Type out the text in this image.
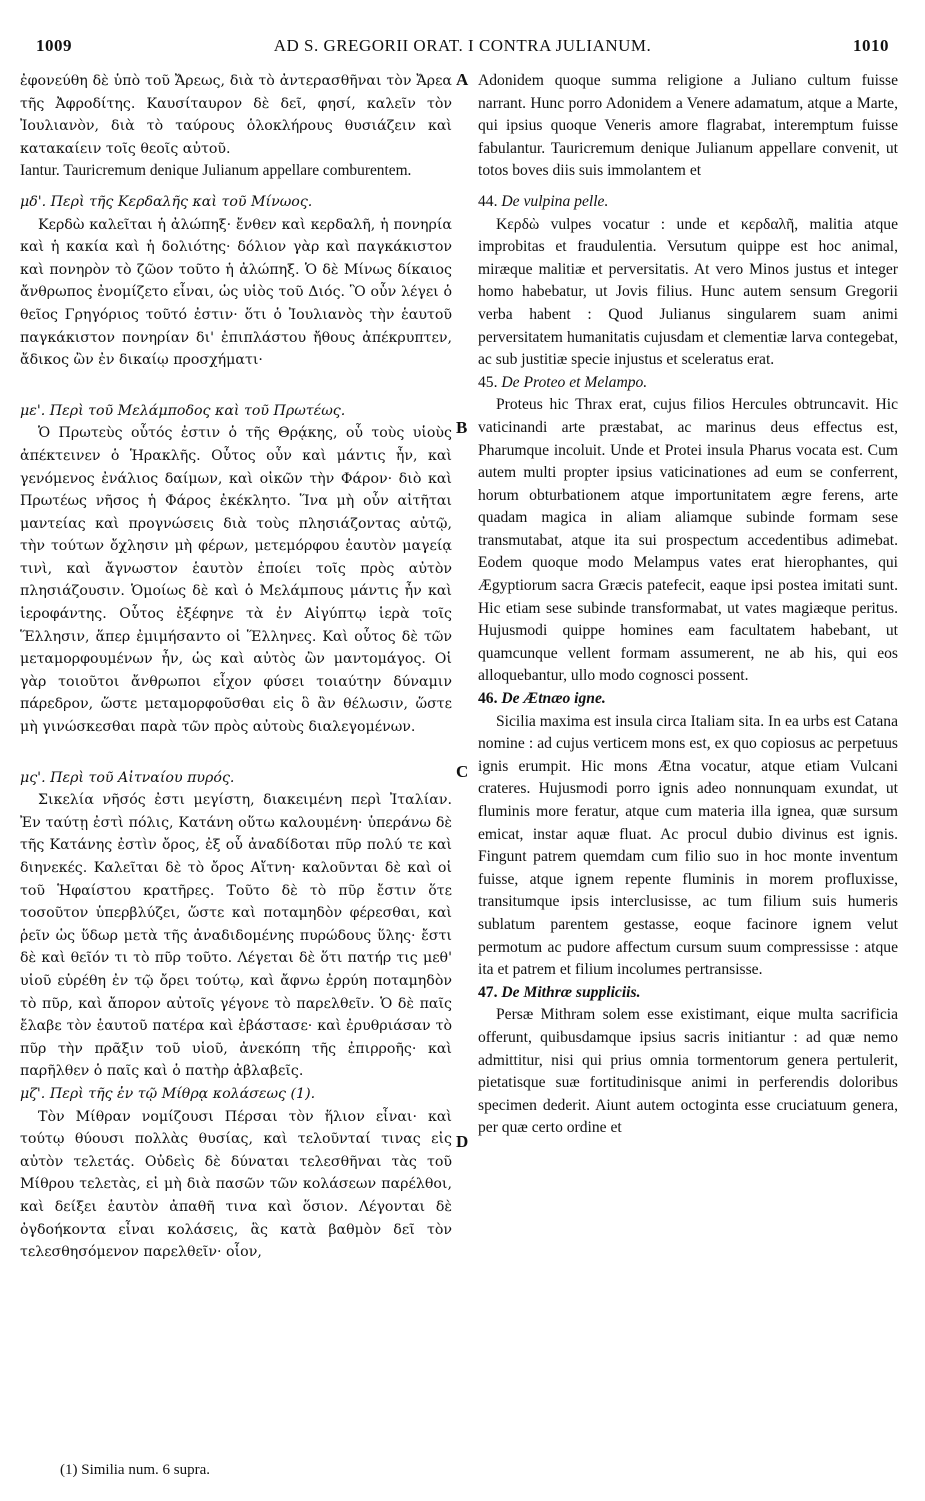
1009	AD S. GREGORII ORAT. I CONTRA JULIANUM.	1010

ἐφονεύθη δὲ ὑπὸ τοῦ Ἄρεως, διὰ τὸ ἀντερασθῆναι τὸν Ἄρεα τῆς Ἀφροδίτης. Καυσίταυρον δὲ δεῖ, φησί, καλεῖν τὸν Ἰουλιανὸν, διὰ τὸ ταύρους ὁλοκλήρους θυσιάζειν καὶ κατακαίειν τοῖς θεοῖς αὐτοῦ.

Iantur. Tauricremum denique Julianum appellare comburentem.

μδ'. Περὶ τῆς Κερδαλῆς καὶ τοῦ Μίνωος.

Κερδὼ καλεῖται ἡ ἀλώπηξ· ἔνθεν καὶ κερδαλῆ, ἡ πονηρία καὶ ἡ κακία καὶ ἡ δολιότης· δόλιον γὰρ καὶ παγκάκιστον καὶ πονηρὸν τὸ ζῶον τοῦτο ἡ ἀλώπηξ. Ὁ δὲ Μίνως δίκαιος ἄνθρωπος ἐνομίζετο εἶναι, ὡς υἱὸς τοῦ Διός. Ὃ οὖν λέγει ὁ θεῖος Γρηγόριος τοῦτό ἐστιν· ὅτι ὁ Ἰουλιανὸς τὴν ἑαυτοῦ παγκάκιστον πονηρίαν δι' ἐπιπλάστου ἤθους ἀπέκρυπτεν, ἄδικος ὢν ἐν δικαίῳ προσχήματι·

με'. Περὶ τοῦ Μελάμποδος καὶ τοῦ Πρωτέως.

Ὁ Πρωτεὺς οὗτός ἐστιν ὁ τῆς Θρᾴκης, οὗ τοὺς υἱοὺς ἀπέκτεινεν ὁ Ἡρακλῆς. Οὗτος οὖν καὶ μάντις ἦν, καὶ γενόμενος ἐνάλιος δαίμων, καὶ οἰκῶν τὴν Φάρον· διὸ καὶ Πρωτέως νῆσος ἡ Φάρος ἐκέκλητο. Ἵνα μὴ οὖν αἰτῆται μαντείας καὶ προγνώσεις διὰ τοὺς πλησιάζοντας αὐτῷ, τὴν τούτων ὄχλησιν μὴ φέρων, μετεμόρφου ἑαυτὸν μαγείᾳ τινὶ, καὶ ἄγνωστον ἑαυτὸν ἐποίει τοῖς πρὸς αὐτὸν πλησιάζουσιν. Ὁμοίως δὲ καὶ ὁ Μελάμπους μάντις ἦν καὶ ἱεροφάντης. Οὗτος ἐξέφηνε τὰ ἐν Αἰγύπτῳ ἱερὰ τοῖς Ἕλλησιν, ἅπερ ἐμιμήσαντο οἱ Ἕλληνες. Καὶ οὗτος δὲ τῶν μεταμορφουμένων ἦν, ὡς καὶ αὐτὸς ὢν μαντομάγος. Οἱ γὰρ τοιοῦτοι ἄνθρωποι εἶχον φύσει τοιαύτην δύναμιν πάρεδρον, ὥστε μεταμορφοῦσθαι εἰς ὃ ἂν θέλωσιν, ὥστε μὴ γινώσκεσθαι παρὰ τῶν πρὸς αὐτοὺς διαλεγομένων.

μς'. Περὶ τοῦ Αἰτναίου πυρός.

Σικελία νῆσός ἐστι μεγίστη, διακειμένη περὶ Ἰταλίαν. Ἐν ταύτῃ ἐστὶ πόλις, Κατάνη οὕτω καλουμένη· ὑπεράνω δὲ τῆς Κατάνης ἐστὶν ὄρος, ἐξ οὗ ἀναδίδοται πῦρ πολύ τε καὶ διηνεκές. Καλεῖται δὲ τὸ ὄρος Αἴτνη· καλοῦνται δὲ καὶ οἱ τοῦ Ἡφαίστου κρατῆρες. Τοῦτο δὲ τὸ πῦρ ἔστιν ὅτε τοσοῦτον ὑπερβλύζει, ὥστε καὶ ποταμηδὸν φέρεσθαι, καὶ ῥεῖν ὡς ὕδωρ μετὰ τῆς ἀναδιδομένης πυρώδους ὕλης· ἔστι δὲ καὶ θεῖόν τι τὸ πῦρ τοῦτο. Λέγεται δὲ ὅτι πατήρ τις μεθ' υἱοῦ εὑρέθη ἐν τῷ ὄρει τούτῳ, καὶ ἄφνω ἐρρύη ποταμηδὸν τὸ πῦρ, καὶ ἄπορον αὐτοῖς γέγονε τὸ παρελθεῖν. Ὁ δὲ παῖς ἔλαβε τὸν ἑαυτοῦ πατέρα καὶ ἐβάστασε· καὶ ἐρυθριάσαν τὸ πῦρ τὴν πρᾶξιν τοῦ υἱοῦ, ἀνεκόπη τῆς ἐπιρροῆς· καὶ παρῆλθεν ὁ παῖς καὶ ὁ πατὴρ ἀβλαβεῖς.

μζ'. Περὶ τῆς ἐν τῷ Μίθρᾳ κολάσεως (1).

Τὸν Μίθραν νομίζουσι Πέρσαι τὸν ἥλιον εἶναι· καὶ τούτῳ θύουσι πολλὰς θυσίας, καὶ τελοῦνταί τινας εἰς αὐτὸν τελετάς. Οὐδεὶς δὲ δύναται τελεσθῆναι τὰς τοῦ Μίθρου τελετὰς, εἰ μὴ διὰ πασῶν τῶν κολάσεων παρέλθοι, καὶ δείξει ἑαυτὸν ἀπαθῆ τινα καὶ ὅσιον. Λέγονται δὲ ὀγδοήκοντα εἶναι κολάσεις, ἃς κατὰ βαθμὸν δεῖ τὸν τελεσθησόμενον παρελθεῖν· οἷον,

Adonidem quoque summa religione a Juliano cultum fuisse narrant. Hunc porro Adonidem a Venere adamatum, atque a Marte, qui ipsius quoque Veneris amore flagrabat, interemptum fuisse fabulantur. Tauricremum denique Julianum appellare convenit, ut totos boves diis suis immolantem et

44. De vulpina pelle.

Κερδὼ vulpes vocatur : unde et κερδαλῆ, malitia atque improbitas et fraudulentia. Versutum quippe est hoc animal, miræque malitiæ et perversitatis. At vero Minos justus et integer homo habebatur, ut Jovis filius. Hunc autem sensum Gregorii verba habent : Quod Julianus singularem suam animi perversitatem humanitatis cujusdam et clementiæ larva contegebat, ac sub justitiæ specie injustus et sceleratus erat.

45. De Proteo et Melampo.

Proteus hic Thrax erat, cujus filios Hercules obtruncavit. Hic vaticinandi arte præstabat, ac marinus deus effectus est, Pharumque incoluit. Unde et Protei insula Pharus vocata est. Cum autem multi propter ipsius vaticinationes ad eum se conferrent, horum obturbationem atque importunitatem ægre ferens, arte quadam magica in aliam aliamque subinde formam sese transmutabat, atque ita sui prospectum accedentibus adimebat. Eodem quoque modo Melampus vates erat hierophantes, qui Ægyptiorum sacra Græcis patefecit, eaque ipsi postea imitati sunt. Hic etiam sese subinde transformabat, ut vates magiæque peritus. Hujusmodi quippe homines eam facultatem habebant, ut quamcunque vellent formam assumerent, ne ab his, qui eos alloquebantur, ullo modo cognosci possent.

46. De Ætnæo igne.

Sicilia maxima est insula circa Italiam sita. In ea urbs est Catana nomine : ad cujus verticem mons est, ex quo copiosus ac perpetuus ignis erumpit. Hic mons Ætna vocatur, atque etiam Vulcani crateres. Hujusmodi porro ignis adeo nonnunquam exundat, ut fluminis more feratur, atque cum materia illa ignea, quæ sursum emicat, instar aquæ fluat. Ac procul dubio divinus est ignis. Fingunt patrem quemdam cum filio suo in hoc monte inventum fuisse, atque ignem repente fluminis in morem profluxisse, transitumque ipsis interclusisse, ac tum filium suis humeris sublatum parentem gestasse, eoque facinore ignem velut permotum ac pudore affectum cursum suum compressisse : atque ita et patrem et filium incolumes pertransisse.

47. De Mithræ suppliciis.

Persæ Mithram solem esse existimant, eique multa sacrificia offerunt, quibusdamque ipsius sacris initiantur : ad quæ nemo admittitur, nisi qui prius omnia tormentorum genera pertulerit, pietatisque suæ fortitudinisque animi in perferendis doloribus specimen dederit. Aiunt autem octoginta esse cruciatuum genera, per quæ certo ordine et

A
B
C
D
(1) Similia num. 6 supra.
